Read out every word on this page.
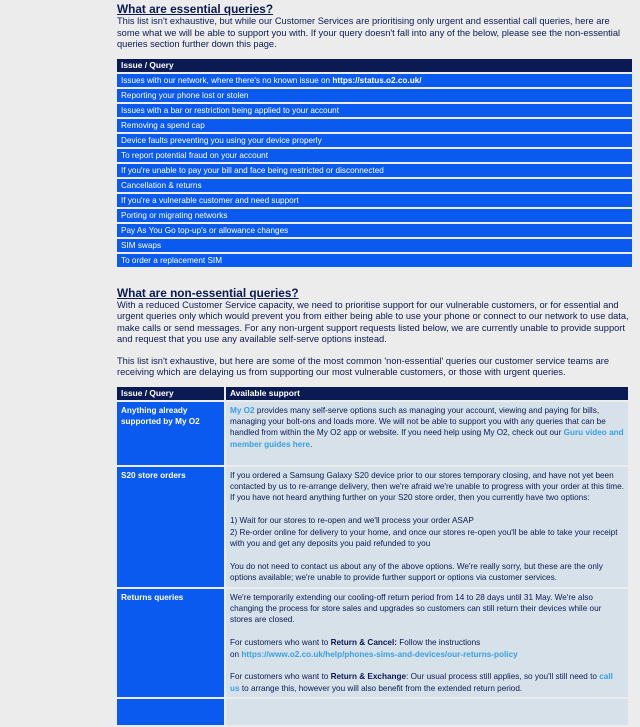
What are essential queries?

This list isn't exhaustive, but while our Customer Services are prioritising only urgent and essential call queries, here are some what we will be able to support you with. If your query doesn't fall into any of the below, please see the non-essential queries section further down this page.

Issue / Query
Issues with our network, where there's no known issue on https://status.o2.co.uk/
Reporting your phone lost or stolen
Issues with a bar or restriction being applied to your account
Removing a spend cap
Device faults preventing you using your device properly
To report potential fraud on your account
If you're unable to pay your bill and face being restricted or disconnected
Cancellation & returns
If you're a vulnerable customer and need support
Porting or migrating networks
Pay As You Go top-up's or allowance changes
SIM swaps
To order a replacement SIM
What are non-essential queries?

With a reduced Customer Service capacity, we need to prioritise support for our vulnerable customers, or for essential and urgent queries only which would prevent you from either being able to use your phone or connect to our network to use data, make calls or send messages. For any non-urgent support requests listed below, we are currently unable to provide support and request that you use any available self-serve options instead.

This list isn't exhaustive, but here are some of the most common 'non-essential' queries our customer service teams are receiving which are delaying us from supporting our most vulnerable customers, or those with urgent queries.

Issue / Query	Available support
Anything already supported by My O2	My O2 provides many self-serve options such as managing your account, viewing and paying for bills, managing your bolt-ons and loads more. We will not be able to support you with any queries that can be handled from within the My O2 app or website. If you need help using My O2, check out our Guru video and member guides here.
S20 store orders	If you ordered a Samsung Galaxy S20 device prior to our stores temporary closing, and have not yet been contacted by us to re-arrange delivery, then we're afraid we're unable to progress with your order at this time. If you have not heard anything further on your S20 store order, then you currently have two options:

1) Wait for our stores to re-open and we'll process your order ASAP

2) Re-order online for delivery to your home, and once our stores re-open you'll be able to take your receipt with you and get any deposits you paid refunded to you

You do not need to contact us about any of the above options. We're really sorry, but these are the only options available; we're unable to provide further support or options via customer services.

Returns queries	We're temporarily extending our cooling-off return period from 14 to 28 days until 31 May. We're also changing the process for store sales and upgrades so customers can still return their devices while our stores are closed.

For customers who want to Return & Cancel: Follow the instructions
on https://www.o2.co.uk/help/phones-sims-and-devices/our-returns-policy

For customers who want to Return & Exchange: Our usual process still applies, so you'll still need to call us to arrange this, however you will also benefit from the extended return period.
